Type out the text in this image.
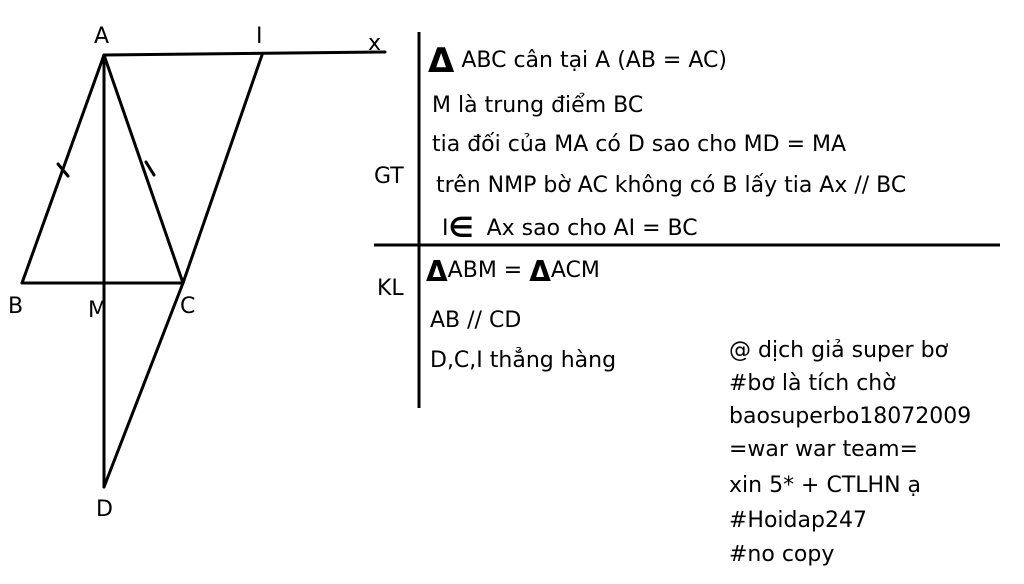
A	I	x
B	M	C
D
GT
KL
Δ ABC cân tại A (AB = AC)
M là trung điểm BC
tia đối của MA có D sao cho MD = MA
trên NMP bờ AC không có B lấy tia Ax // BC
I∈ Ax sao cho AI = BC
ΔABM = ΔACM
AB // CD
D,C,I thẳng hàng	@ dịch giả super bơ
#bơ là tích chờ
baosuperbo18072009
=war war team=
xin 5* + CTLHN ạ
#Hoidap247
#no copy
